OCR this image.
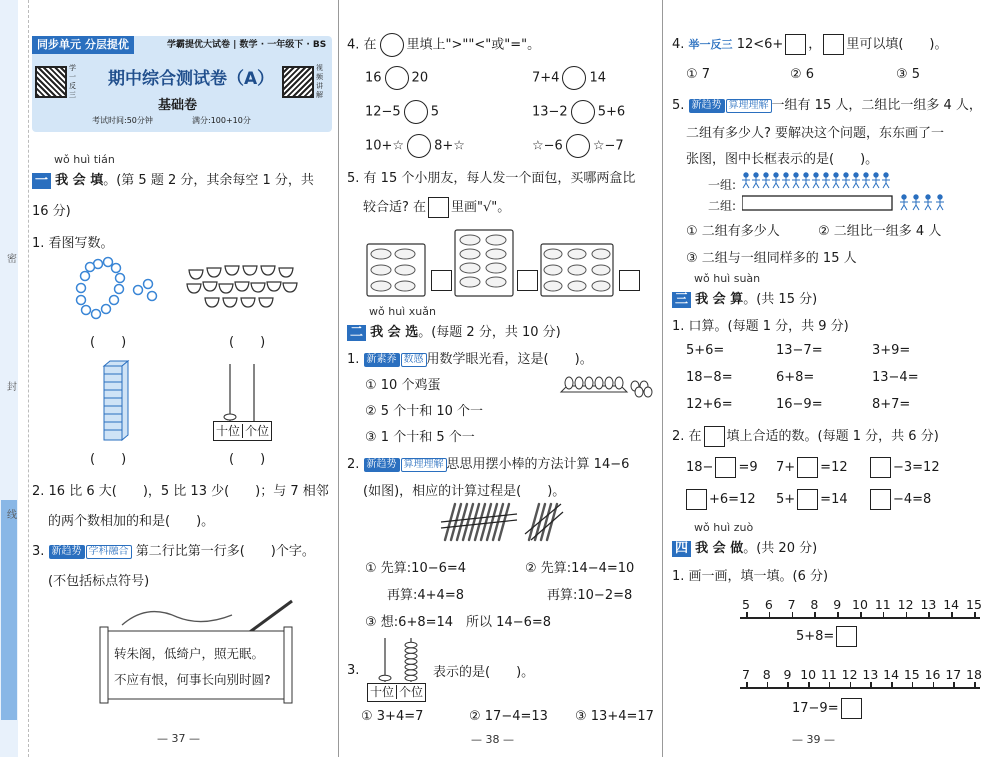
密
封
线
同步单元 分层提优	学霸提优大试卷 | 数学 · 一年级下 · BS
学一反三
期中综合测试卷（A）
基础卷
视频讲解
考试时间:50分钟	满分:100+10分
wǒ huì tián
一 我 会 填。(第 5 题 2 分，其余每空 1 分，共
16 分)
1. 看图写数。
(　　)	(　　)
十位 个位
(　　)	(　　)
2. 16 比 6 大(　　)，5 比 13 少(　　)；与 7 相邻
的两个数相加的和是(　　)。
3. 新趋势 学科融合 第二行比第一行多(　　)个字。
(不包括标点符号)
转朱阁，低绮户，照无眠。
不应有恨，何事长向别时圆?
— 37 —
4. 在 里填上">""<"或"="。
16 20	7+4 14
12−5 5	13−2 5+6
10+☆ 8+☆	☆−6 ☆−7
5. 有 15 个小朋友，每人发一个面包，买哪两盒比
较合适? 在 里画"√"。
wǒ huì xuǎn
二 我 会 选。(每题 2 分，共 10 分)
1. 新素养 数感 用数学眼光看，这是(　　)。
① 10 个鸡蛋
② 5 个十和 10 个一
③ 1 个十和 5 个一
2. 新趋势 算理理解 思思用摆小棒的方法计算 14−6
(如图)，相应的计算过程是(　　)。
① 先算:10−6=4	② 先算:14−4=10
再算:4+4=8	再算:10−2=8
③ 想:6+8=14　所以 14−6=8
3.
十位 个位
表示的是(　　)。
① 3+4=7	② 17−4=13 ③ 13+4=17
— 38 —
4. 举一反三 12<6+ ， 里可以填(　　)。
① 7	② 6	③ 5
5. 新趋势 算理理解 一组有 15 人，二组比一组多 4 人，
二组有多少人? 要解决这个问题，东东画了一
张图，图中长框表示的是(　　)。
一组:
二组:
① 二组有多少人	② 二组比一组多 4 人
③ 二组与一组同样多的 15 人
wǒ huì suàn
三 我 会 算。(共 15 分)
1. 口算。(每题 1 分，共 9 分)
5+6=	13−7=	3+9=
18−8=	6+8=	13−4=
12+6=	16−9=	8+7=
2. 在 填上合适的数。(每题 1 分，共 6 分)
18− =9 7+ =12	−3=12
+6=12 5+ =14	−4=8
wǒ huì zuò
四 我 会 做。(共 20 分)
1. 画一画，填一填。(6 分)
5 6 7 8 9 10 11 12 13 14 15
5+8=
7 8 9 10 11 12 13 14 15 16 17 18
17−9=
— 39 —
